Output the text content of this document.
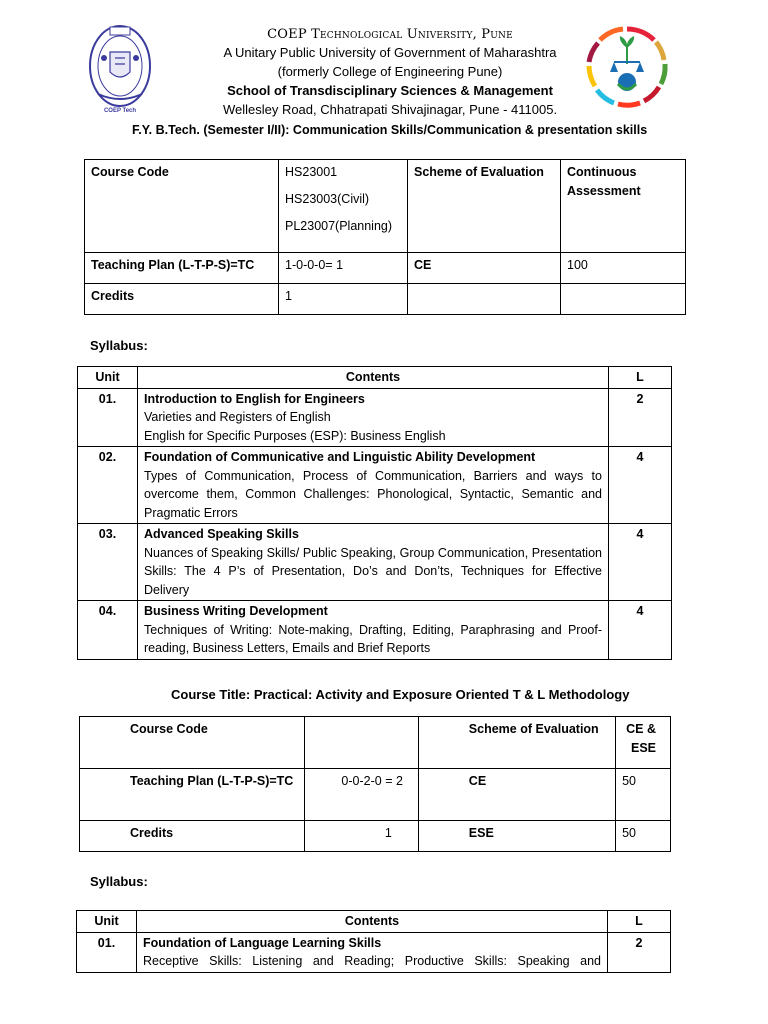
COEP Tech
COEP Technological University, Pune
A Unitary Public University of Government of Maharashtra
(formerly College of Engineering Pune)
School of Transdisciplinary Sciences & Management
Wellesley Road, Chhatrapati Shivajinagar, Pune - 411005.
F.Y. B.Tech. (Semester I/II): Communication Skills/Communication & presentation skills
Course Code	HS23001
HS23003(Civil)
PL23007(Planning)	Scheme of Evaluation	Continuous Assessment
Teaching Plan (L-T-P-S)=TC	1-0-0-0= 1	CE	100
Credits	1		
Syllabus:
Unit	Contents	L
01.	Introduction to English for Engineers
Varieties and Registers of English
English for Specific Purposes (ESP): Business English	2
02.	Foundation of Communicative and Linguistic Ability Development
Types of Communication, Process of Communication, Barriers and ways to overcome them, Common Challenges: Phonological, Syntactic, Semantic and Pragmatic Errors	4
03.	Advanced Speaking Skills
Nuances of Speaking Skills/ Public Speaking, Group Communication, Presentation Skills: The 4 P’s of Presentation, Do’s and Don’ts, Techniques for Effective Delivery	4
04.	Business Writing Development
Techniques of Writing: Note-making, Drafting, Editing, Paraphrasing and Proof-reading, Business Letters, Emails and Brief Reports	4
Course Title: Practical: Activity and Exposure Oriented T & L Methodology
Course Code		Scheme of Evaluation	CE & ESE
Teaching Plan (L-T-P-S)=TC	0-0-2-0 = 2	CE	50
Credits	1	ESE	50
Syllabus:
Unit	Contents	L
01.	Foundation of Language Learning Skills
Receptive Skills: Listening and Reading; Productive Skills: Speaking and	2
